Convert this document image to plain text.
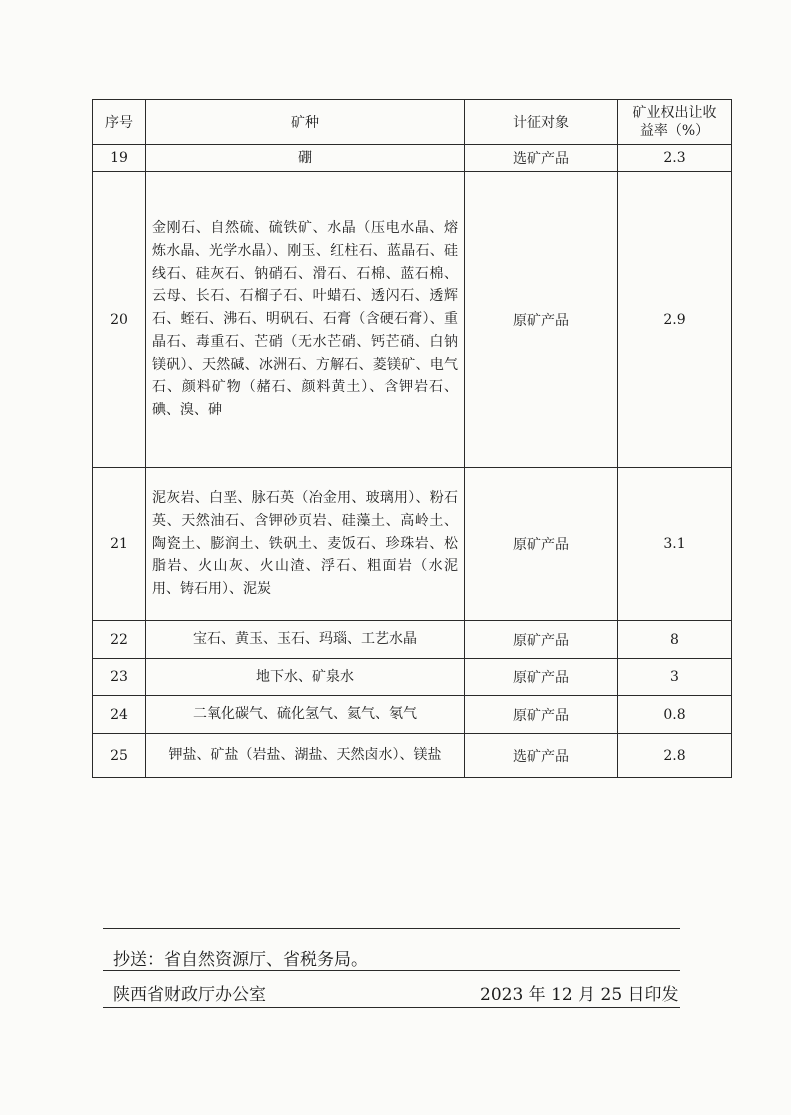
序号	矿种	计征对象	矿业权出让收
益率（%）

19	硼	选矿产品	2.3
20	金刚石、自然硫、硫铁矿、水晶（压电水晶、熔炼水晶、光学水晶）、刚玉、红柱石、蓝晶石、硅线石、硅灰石、钠硝石、滑石、石棉、蓝石棉、云母、长石、石榴子石、叶蜡石、透闪石、透辉石、蛭石、沸石、明矾石、石膏（含硬石膏）、重晶石、毒重石、芒硝（无水芒硝、钙芒硝、白钠镁矾）、天然碱、冰洲石、方解石、菱镁矿、电气石、颜料矿物（赭石、颜料黄土）、含钾岩石、碘、溴、砷	原矿产品	2.9
21	泥灰岩、白垩、脉石英（冶金用、玻璃用）、粉石英、天然油石、含钾砂页岩、硅藻土、高岭土、陶瓷土、膨润土、铁矾土、麦饭石、珍珠岩、松脂岩、火山灰、火山渣、浮石、粗面岩（水泥用、铸石用）、泥炭	原矿产品	3.1
22	宝石、黄玉、玉石、玛瑙、工艺水晶	原矿产品	8
23	地下水、矿泉水	原矿产品	3
24	二氧化碳气、硫化氢气、氦气、氡气	原矿产品	0.8
25	钾盐、矿盐（岩盐、湖盐、天然卤水）、镁盐	选矿产品	2.8
抄送：省自然资源厅、省税务局。
陕西省财政厅办公室	2023 年 12 月 25 日印发
